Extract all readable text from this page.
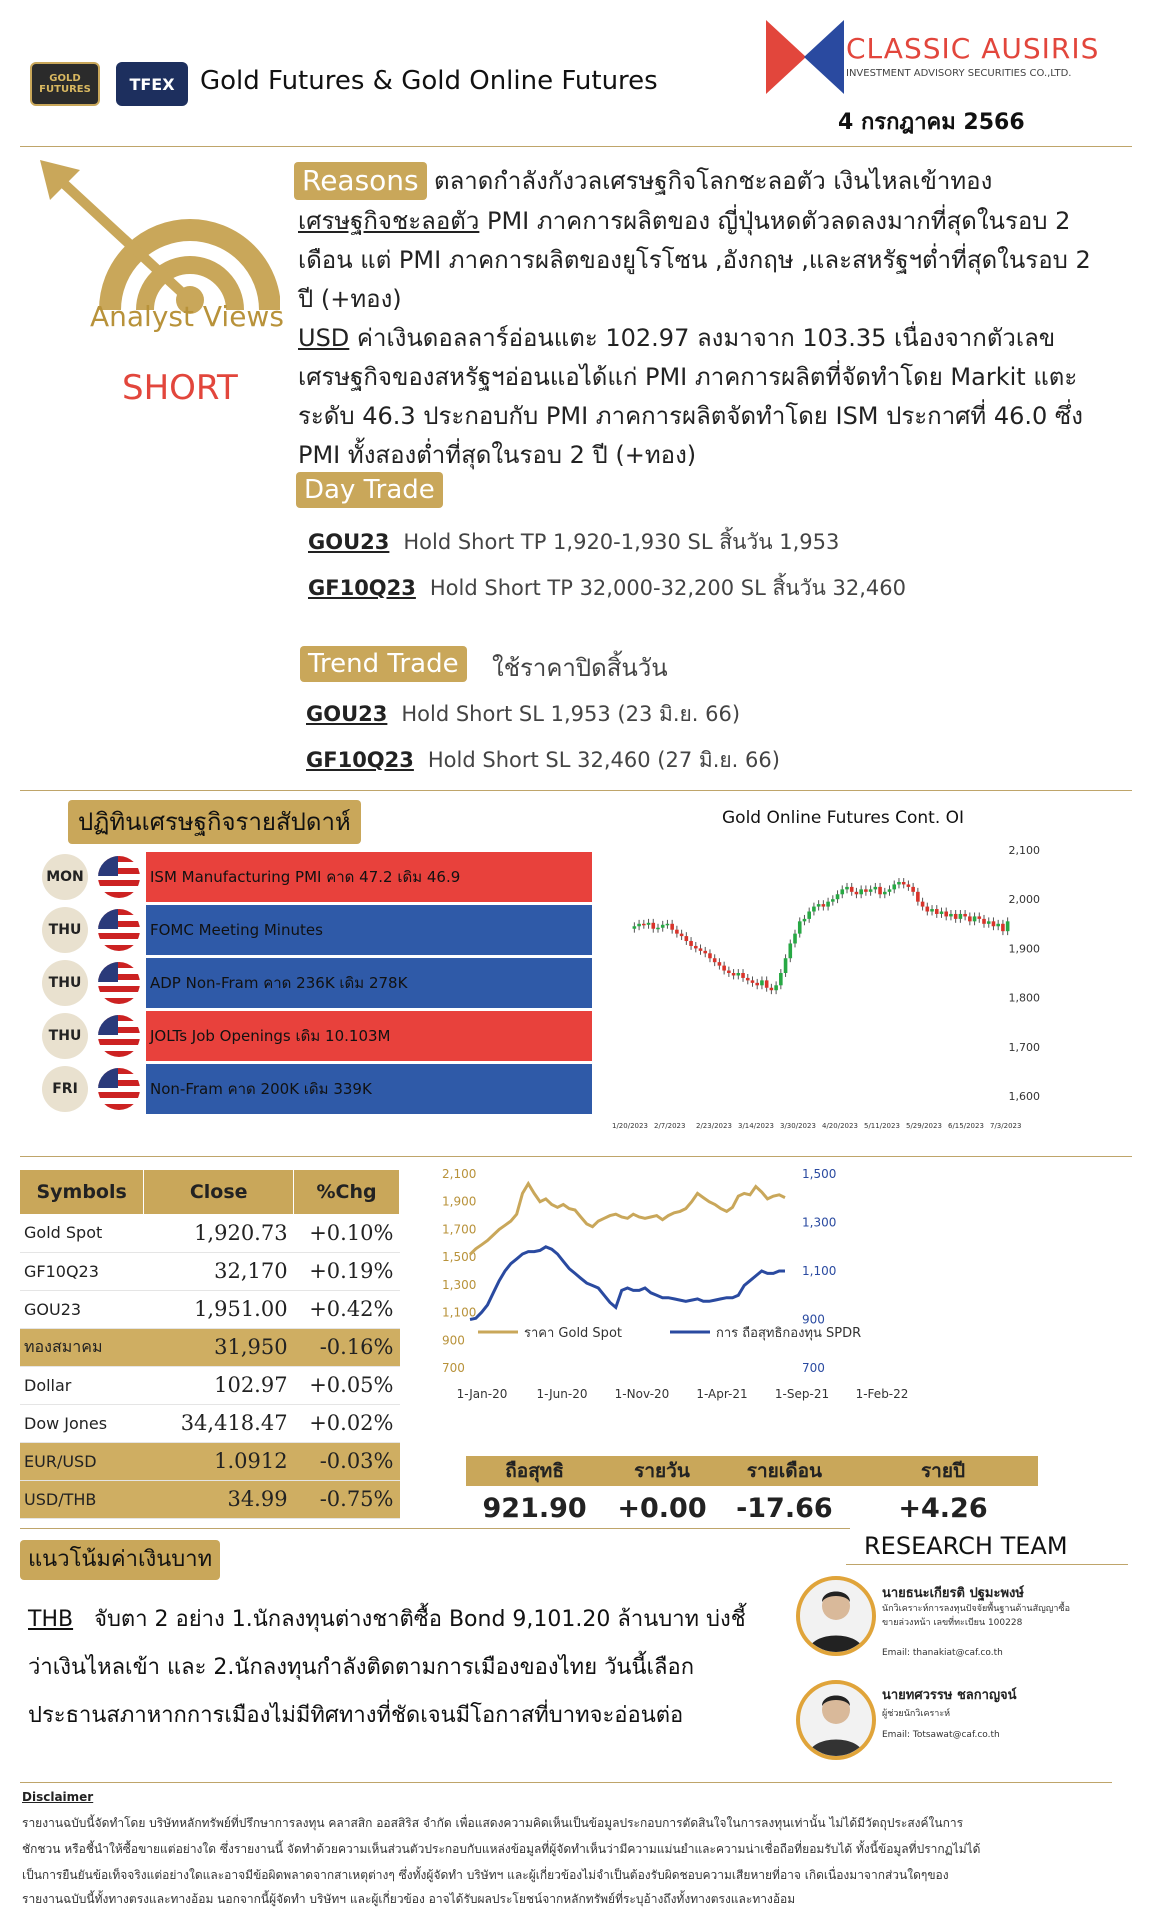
GOLD FUTURES	TFEX Gold Futures & Gold Online Futures
CLASSIC AUSIRIS
INVESTMENT ADVISORY SECURITIES CO.,LTD.
4 กรกฎาคม 2566
Analyst Views
SHORT
Reasons ตลาดกำลังกังวลเศรษฐกิจโลกชะลอตัว เงินไหลเข้าทอง
เศรษฐกิจชะลอตัว PMI ภาคการผลิตของ ญี่ปุ่นหดตัวลดลงมากที่สุดในรอบ 2
เดือน แต่ PMI ภาคการผลิตของยูโรโซน ,อังกฤษ ,และสหรัฐฯต่ำที่สุดในรอบ 2
ปี (+ทอง)
USD ค่าเงินดอลลาร์อ่อนแตะ 102.97 ลงมาจาก 103.35 เนื่องจากตัวเลข
เศรษฐกิจของสหรัฐฯอ่อนแอได้แก่ PMI ภาคการผลิตที่จัดทำโดย Markit แตะ
ระดับ 46.3 ประกอบกับ PMI ภาคการผลิตจัดทำโดย ISM ประกาศที่ 46.0 ซึ่ง
PMI ทั้งสองต่ำที่สุดในรอบ 2 ปี (+ทอง)
Day Trade
GOU23 Hold Short TP 1,920-1,930 SL สิ้นวัน 1,953
GF10Q23 Hold Short TP 32,000-32,200 SL สิ้นวัน 32,460
Trend Trade	ใช้ราคาปิดสิ้นวัน
GOU23 Hold Short SL 1,953 (23 มิ.ย. 66)
GF10Q23 Hold Short SL 32,460 (27 มิ.ย. 66)
ปฏิทินเศรษฐกิจรายสัปดาห์
MON	ISM Manufacturing PMI คาด 47.2 เดิม 46.9
THU	FOMC Meeting Minutes
THU	ADP Non-Fram คาด 236K เดิม 278K
THU	JOLTs Job Openings เดิม 10.103M
FRI	Non-Fram คาด 200K เดิม 339K
Gold Online Futures Cont. OI
2,100
2,000
1,900
1,800
1,700
1,600
1/20/2023 2/7/2023 2/23/2023 3/14/2023 3/30/2023 4/20/2023 5/11/2023 5/29/2023 6/15/2023 7/3/2023
Symbols	Close	%Chg
Gold Spot	1,920.73	+0.10%
GF10Q23	32,170	+0.19%
GOU23	1,951.00	+0.42%
ทองสมาคม	31,950	-0.16%
Dollar	102.97	+0.05%
Dow Jones	34,418.47	+0.02%
EUR/USD	1.0912	-0.03%
USD/THB	34.99	-0.75%
2,100
1,900
1,700
1,500
1,300
1,100
900
700
1,500
1,300
1,100
900
700
1-Jan-20 1-Jun-20 1-Nov-20 1-Apr-21 1-Sep-21 1-Feb-22
ราคา Gold Spot	การ ถือสุทธิกองทุน SPDR
ถือสุทธิ	รายวัน	รายเดือน	รายปี
921.90	+0.00	-17.66	+4.26
แนวโน้มค่าเงินบาท
THB จับตา 2 อย่าง 1.นักลงทุนต่างชาติซื้อ Bond 9,101.20 ล้านบาท บ่งชี้
ว่าเงินไหลเข้า และ 2.นักลงทุนกำลังติดตามการเมืองของไทย วันนี้เลือก
ประธานสภาหากการเมืองไม่มีทิศทางที่ชัดเจนมีโอกาสที่บาทจะอ่อนต่อ
RESEARCH TEAM
นายธนะเกียรติ ปฐมะพงษ์
นักวิเคราะห์การลงทุนปัจจัยพื้นฐานด้านสัญญาซื้อขายล่วงหน้า เลขที่ทะเบียน 100228
Email: thanakiat@caf.co.th
นายทศวรรษ ชลกาญจน์
ผู้ช่วยนักวิเคราะห์
Email: Totsawat@caf.co.th
Disclaimer
รายงานฉบับนี้จัดทำโดย บริษัทหลักทรัพย์ที่ปรึกษาการลงทุน คลาสสิก ออสสิริส จำกัด เพื่อแสดงความคิดเห็นเป็นข้อมูลประกอบการตัดสินใจในการลงทุนเท่านั้น ไม่ได้มีวัตถุประสงค์ในการ
ชักชวน หรือชี้นำให้ซื้อขายแต่อย่างใด ซึ่งรายงานนี้ จัดทำด้วยความเห็นส่วนตัวประกอบกับแหล่งข้อมูลที่ผู้จัดทำเห็นว่ามีความแม่นยำและความน่าเชื่อถือที่ยอมรับได้ ทั้งนี้ข้อมูลที่ปรากฏไม่ได้
เป็นการยืนยันข้อเท็จจริงแต่อย่างใดและอาจมีข้อผิดพลาดจากสาเหตุต่างๆ ซึ่งทั้งผู้จัดทำ บริษัทฯ และผู้เกี่ยวข้องไม่จำเป็นต้องรับผิดชอบความเสียหายที่อาจ เกิดเนื่องมาจากส่วนใดๆของ
รายงานฉบับนี้ทั้งทางตรงและทางอ้อม นอกจากนี้ผู้จัดทำ บริษัทฯ และผู้เกี่ยวข้อง อาจได้รับผลประโยชน์จากหลักทรัพย์ที่ระบุอ้างถึงทั้งทางตรงและทางอ้อม
